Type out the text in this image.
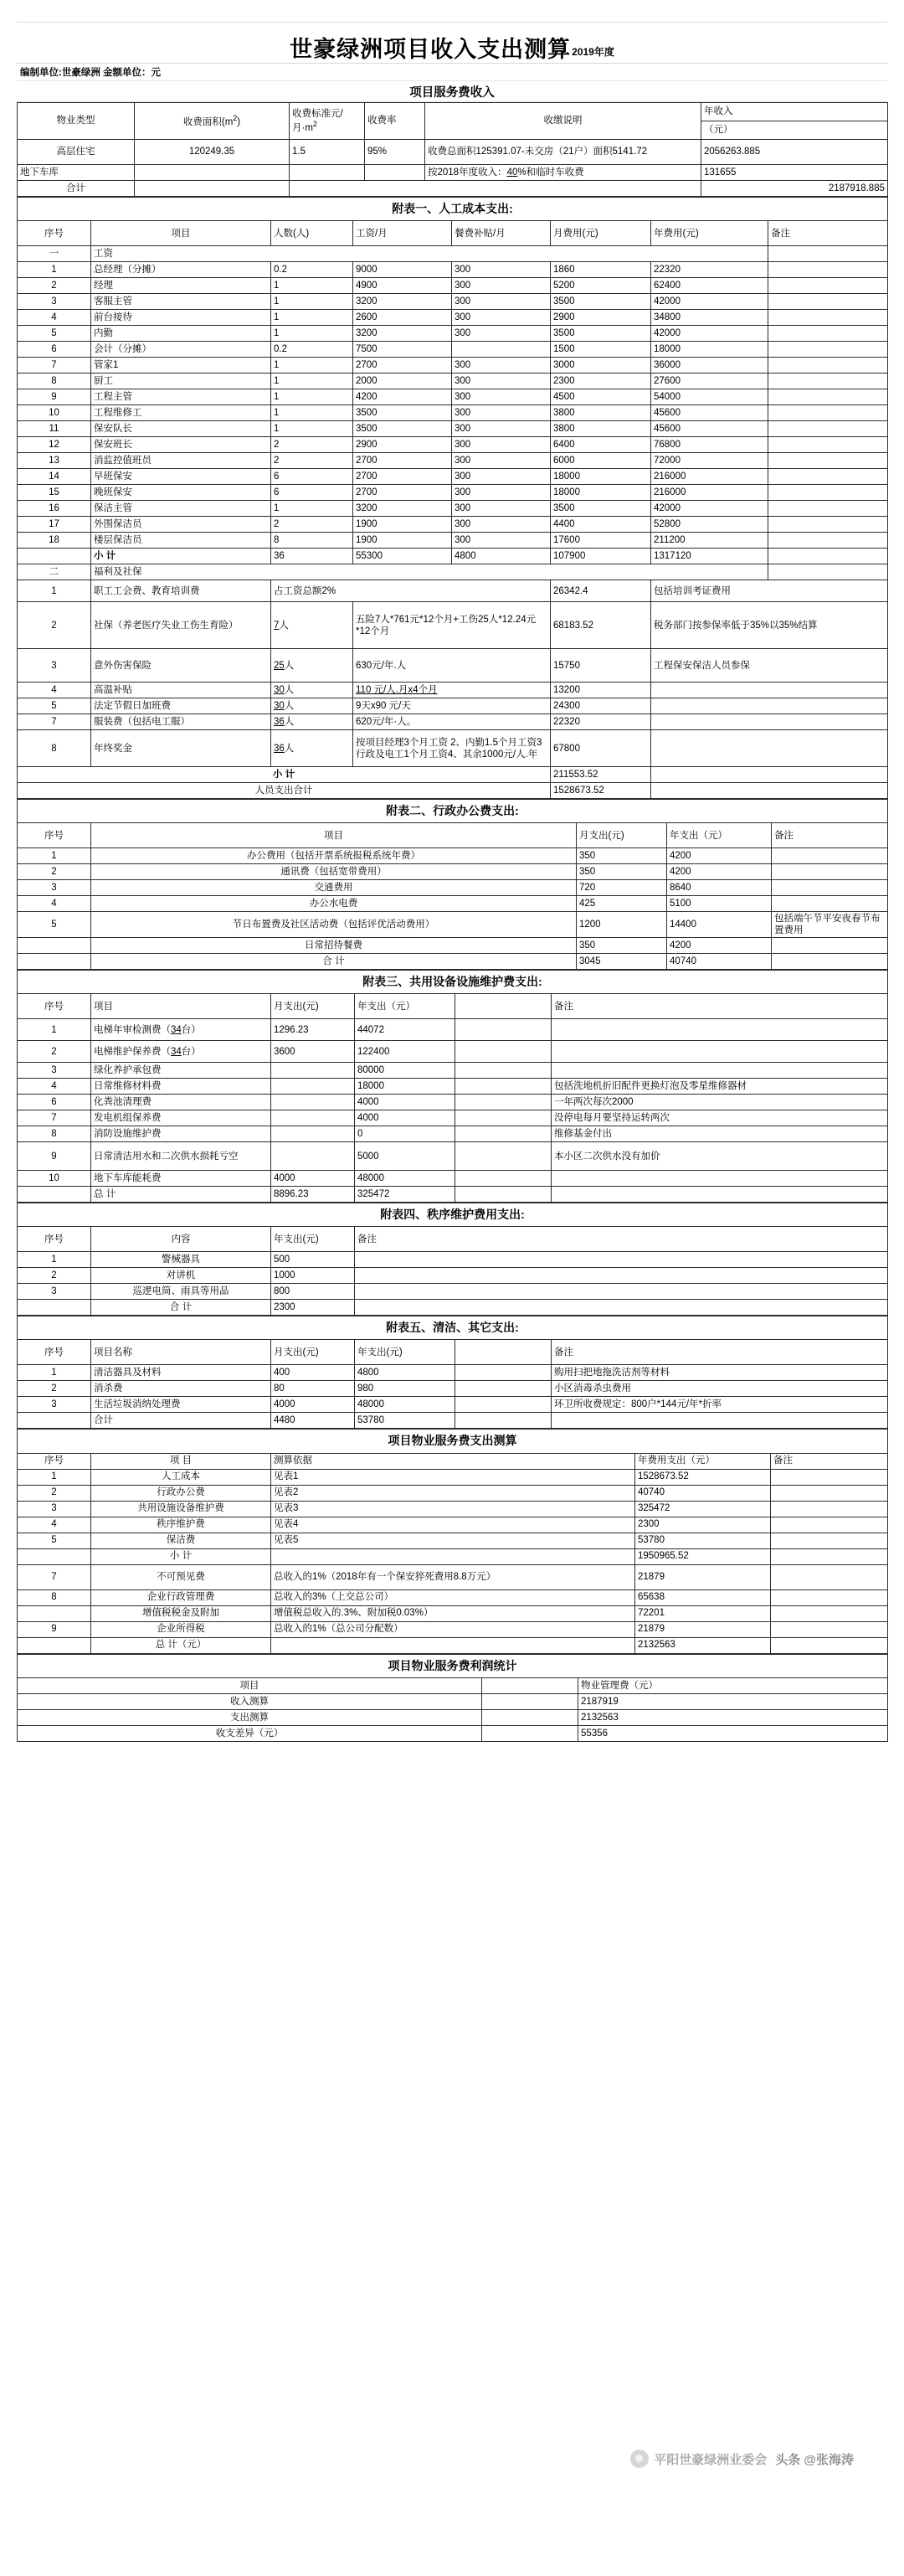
世豪绿洲项目收入支出测算 2019年度
编制单位:世豪绿洲 金额单位：元
项目服务费收入
物业类型	收费面积$(m^2)$	收费标准元/
月$\cdot m^2$	收费率	收缴说明	年收入
					（元）
高层住宅	120249.35	1.5	95%	收费总面积125391.07-未交房（21户）面积5141.72	2056263.885
地下车库				按2018年度收入：40%和临时车收费	131655
合计					2187918.885
附表一、人工成本支出:							
序号	项目	人数(人)	工资/月	餐费补贴/月	月费用(元)	年费用(元)	备注
一	工资						
1	总经理（分摊）	0.2	9000	300	1860	22320	
2	经理	1	4900	300	5200	62400	
3	客服主管	1	3200	300	3500	42000	
4	前台接待	1	2600	300	2900	34800	
5	内勤	1	3200	300	3500	42000	
6	会计（分摊）	0.2	7500		1500	18000	
7	管家1	1	2700	300	3000	36000	
8	厨工	1	2000	300	2300	27600	
9	工程主管	1	4200	300	4500	54000	
10	工程维修工	1	3500	300	3800	45600	
11	保安队长	1	3500	300	3800	45600	
12	保安班长	2	2900	300	6400	76800	
13	消监控值班员	2	2700	300	6000	72000	
14	早班保安	6	2700	300	18000	216000	
15	晚班保安	6	2700	300	18000	216000	
16	保洁主管	1	3200	300	3500	42000	
17	外围保洁员	2	1900	300	4400	52800	
18	楼层保洁员	8	1900	300	17600	211200	
	小 计	36	55300	4800	107900	1317120	
二	福利及社保						
1	职工工会费、教育培训费	占工资总额2%			26342.4	包括培训考证费用	
2	社保（养老医疗失业工伤生育险）	7人	五险7人*761元*12个月+工伤25人*12.24元*12个月		68183.52	税务部门按参保率低于35%以35%结算	
3	意外伤害保险	25人	630元/年.人		15750	工程保安保洁人员参保	
4	高温补贴	30人	110 元/人.月x4个月		13200		
5	法定节假日加班费	30人	9天x90 元/天		24300		
7	服装费（包括电工服）	36人	620元/年·人。		22320		
8	年终奖金	36人	按项目经理3个月工资 2、内勤1.5个月工资3行政及电工1个月工资4、其余1000元/人.年		67800		
小 计					211553.52		
人员支出合计					1528673.52		
附表二、行政办公费支出:				
序号	项目	月支出(元)	年支出（元）	备注
1	办公费用（包括开票系统报税系统年费）	350	4200	
2	通讯费（包括宽带费用）	350	4200	
3	交通费用	720	8640	
4	办公水电费	425	5100	
5	节日布置费及社区活动费（包括评优活动费用）	1200	14400	包括端午节平安夜春节布置费用
	日常招待餐费	350	4200	
	合 计	3045	40740	
附表三、共用设备设施维护费支出:					
序号	项目	月支出(元)	年支出（元）		备注
1	电梯年审检测费（34台）	1296.23	44072		
2	电梯维护保养费（34台）	3600	122400		
3	绿化养护承包费		80000		
4	日常维修材料费		18000		包括洗地机折旧配件更换灯泡及零星维修器材
6	化粪池清理费		4000		一年两次每次2000
7	发电机组保养费		4000		没停电每月要坚持运转两次
8	消防设施维护费		0		维修基金付出
9	日常清洁用水和二次供水损耗亏空		5000		本小区二次供水没有加价
10	地下车库能耗费	4000	48000		
	总 计	8896.23	325472		
附表四、秩序维护费用支出:			
序号	内容	年支出(元)	备注
1	警械器具	500	
2	对讲机	1000	
3	巡逻电筒、雨具等用品	800	
	合 计	2300	
附表五、清洁、其它支出:					
序号	项目名称	月支出(元)	年支出(元)		备注
1	清洁器具及材料	400	4800		购用扫把地拖洗洁剂等材料
2	消杀费	80	980		小区消毒杀虫费用
3	生活垃圾消纳处理费	4000	48000		环卫所收费规定：800户*144元/年*折率
	合计	4480	53780		
项目物业服务费支出测算				
序号	项 目	测算依据	年费用支出（元）	备注
1	人工成本	见表1	1528673.52	
2	行政办公费	见表2	40740	
3	共用设施设备维护费	见表3	325472	
4	秩序维护费	见表4	2300	
5	保洁费	见表5	53780	
	小 计		1950965.52	
7	不可预见费	总收入的1%（2018年有一个保安猝死费用8.8万元）	21879	
8	企业行政管理费	总收入的3%（上交总公司）	65638	
	增值税税金及附加	增值税总收入的.3%、附加税0.03%）	72201	
9	企业所得税	总收入的1%（总公司分配数）	21879	
	总 计（元）		2132563	
项目物业服务费利润统计		
项目		物业管理费（元）
收入测算		2187919
支出测算		2132563
收支差异（元）		55356
平阳世豪绿洲业委会 头条 @张海涛
